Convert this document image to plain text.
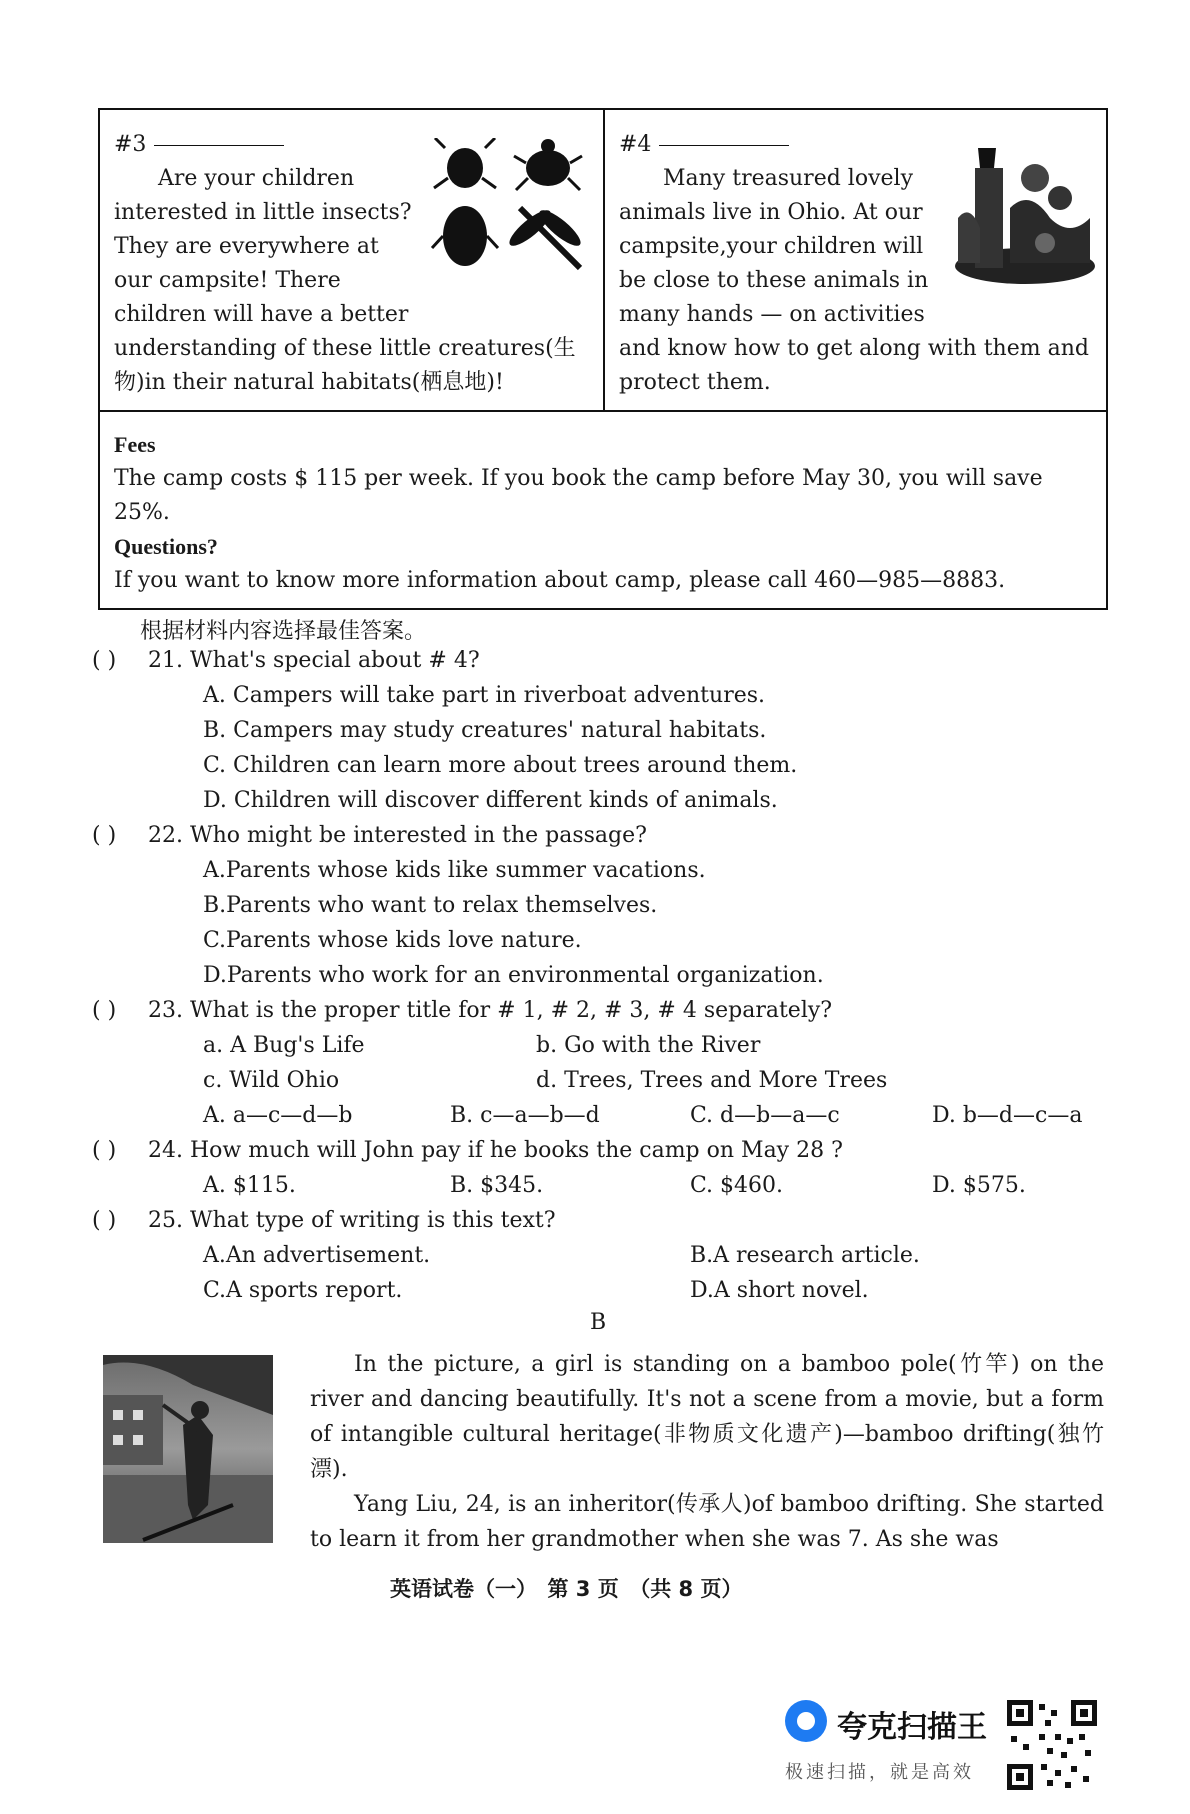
#3
Are your children
interested in little insects?
They are everywhere at
our campsite! There
children will have a better
understanding of these little creatures(生
物)in their natural habitats(栖息地)!
#4
Many treasured lovely
animals live in Ohio. At our
campsite,your children will
be close to these animals in
many hands — on activities
and know how to get along with them and
protect them.
Fees
The camp costs $ 115 per week. If you book the camp before May 30, you will save
25%.
Questions?
If you want to know more information about camp, please call 460—985—8883.
根据材料内容选择最佳答案。
( ) 21. What's special about # 4?
A. Campers will take part in riverboat adventures.
B. Campers may study creatures' natural habitats.
C. Children can learn more about trees around them.
D. Children will discover different kinds of animals.
( ) 22. Who might be interested in the passage?
A.Parents whose kids like summer vacations.
B.Parents who want to relax themselves.
C.Parents whose kids love nature.
D.Parents who work for an environmental organization.
( ) 23. What is the proper title for # 1, # 2, # 3, # 4 separately?
a. A Bug's Life	b. Go with the River
c. Wild Ohio	d. Trees, Trees and More Trees
A. a—c—d—b	B. c—a—b—d	C. d—b—a—c	D. b—d—c—a
( ) 24. How much will John pay if he books the camp on May 28 ?
A. $115.	B. $345.	C. $460.	D. $575.
( ) 25. What type of writing is this text?
A.An advertisement.	B.A research article.
C.A sports report.	D.A short novel.
B

In the picture, a girl is standing on a bamboo pole(竹竿) on the river and dancing beautifully. It's not a scene from a movie, but a form of intangible cultural heritage(非物质文化遗产)—bamboo drifting(独竹漂).

Yang Liu, 24, is an inheritor(传承人)of bamboo drifting. She started to learn it from her grandmother when she was 7. As she was

英语试卷（一）　第 3 页　（共 8 页）
夸克扫描王
极速扫描，就是高效
